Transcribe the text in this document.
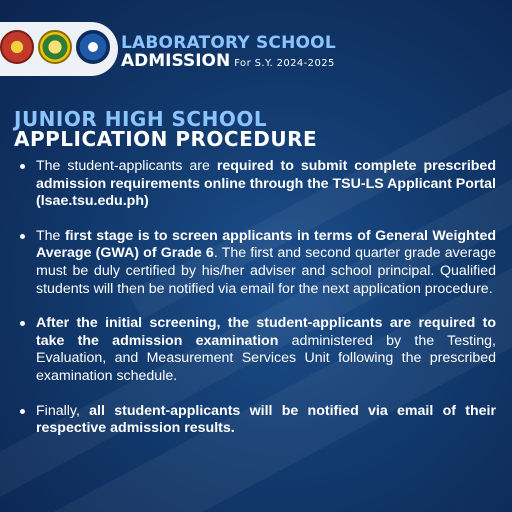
LABORATORY SCHOOL
ADMISSION For S.Y. 2024-2025
JUNIOR HIGH SCHOOL
APPLICATION PROCEDURE
The student-applicants are required to submit complete prescribed admission requirements online through the TSU-LS Applicant Portal (lsae.tsu.edu.ph)
The first stage is to screen applicants in terms of General Weighted Average (GWA) of Grade 6. The first and second quarter grade average must be duly certified by his/her adviser and school principal. Qualified students will then be notified via email for the next application procedure.
After the initial screening, the student-applicants are required to take the admission examination administered by the Testing, Evaluation, and Measurement Services Unit following the prescribed examination schedule.
Finally, all student-applicants will be notified via email of their respective admission results.
